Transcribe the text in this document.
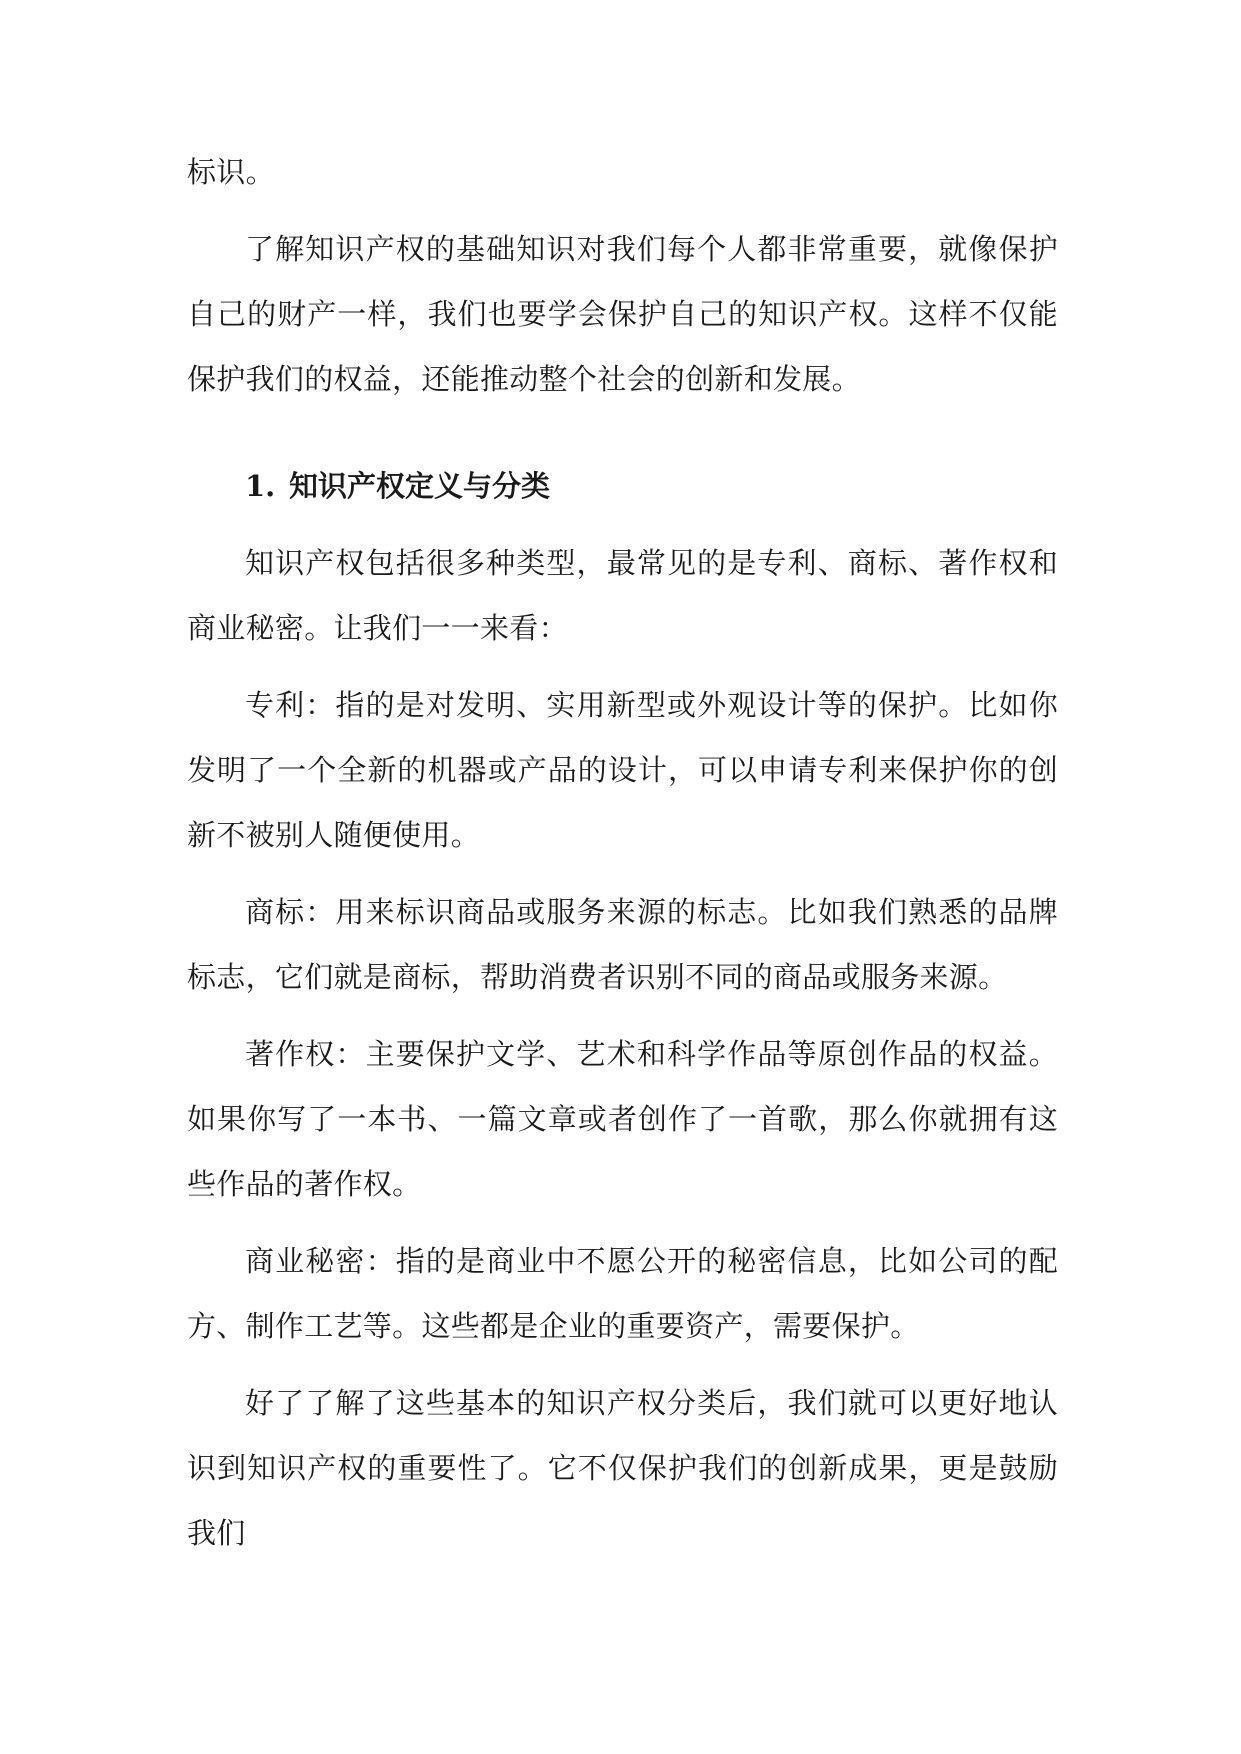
标识。

了解知识产权的基础知识对我们每个人都非常重要，就像保护自己的财产一样，我们也要学会保护自己的知识产权。这样不仅能保护我们的权益，还能推动整个社会的创新和发展。

1. 知识产权定义与分类

知识产权包括很多种类型，最常见的是专利、商标、著作权和商业秘密。让我们一一来看：

专利：指的是对发明、实用新型或外观设计等的保护。比如你发明了一个全新的机器或产品的设计，可以申请专利来保护你的创新不被别人随便使用。

商标：用来标识商品或服务来源的标志。比如我们熟悉的品牌标志，它们就是商标，帮助消费者识别不同的商品或服务来源。

著作权：主要保护文学、艺术和科学作品等原创作品的权益。如果你写了一本书、一篇文章或者创作了一首歌，那么你就拥有这些作品的著作权。

商业秘密：指的是商业中不愿公开的秘密信息，比如公司的配方、制作工艺等。这些都是企业的重要资产，需要保护。

好了了解了这些基本的知识产权分类后，我们就可以更好地认识到知识产权的重要性了。它不仅保护我们的创新成果，更是鼓励我们
